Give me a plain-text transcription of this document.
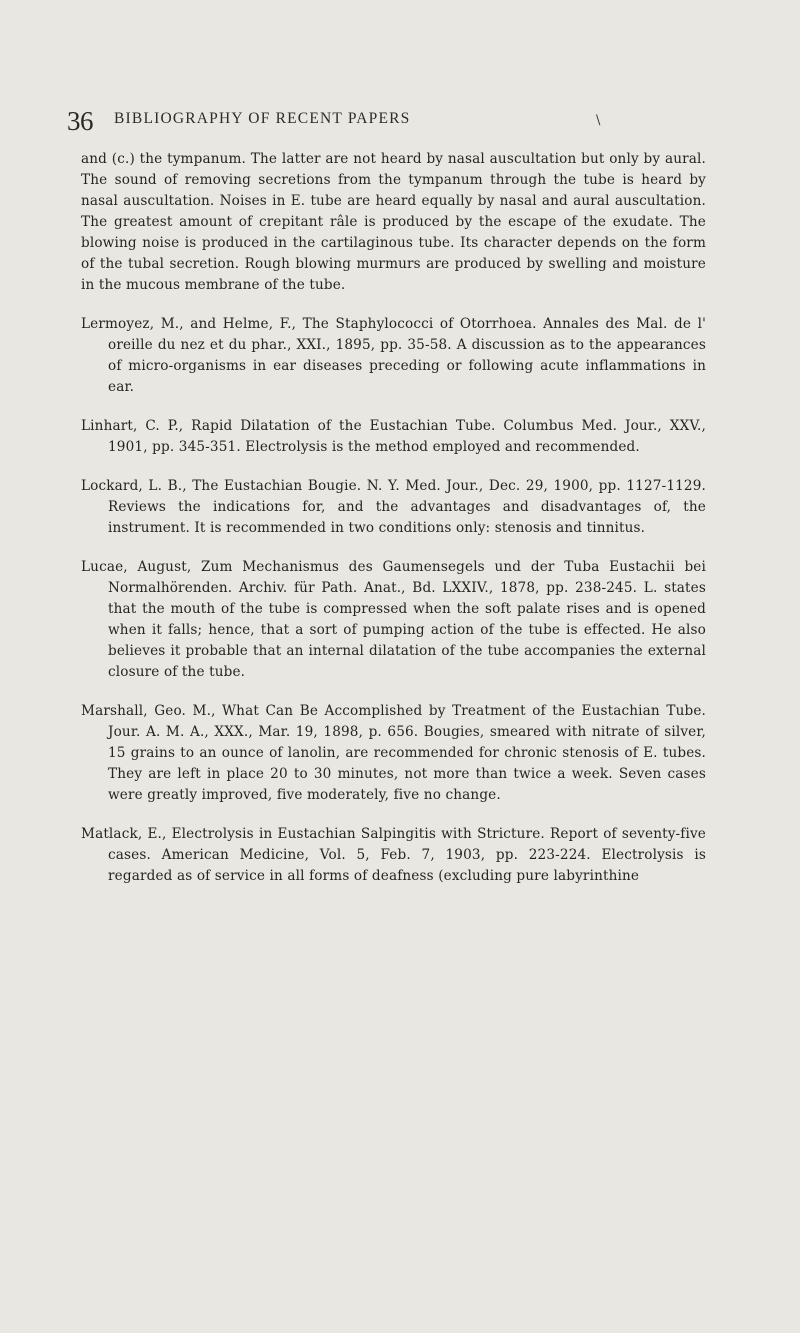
36 BIBLIOGRAPHY OF RECENT PAPERS	\

and (c.) the tympanum. The latter are not heard by nasal auscultation but only by aural. The sound of removing secretions from the tympanum through the tube is heard by nasal auscultation. Noises in E. tube are heard equally by nasal and aural auscultation. The greatest amount of crepitant râle is produced by the escape of the exudate. The blowing noise is produced in the cartilaginous tube. Its character depends on the form of the tubal secretion. Rough blowing murmurs are produced by swelling and moisture in the mucous membrane of the tube.

Lermoyez, M., and Helme, F., The Staphylococci of Otorrhoea. Annales des Mal. de l' oreille du nez et du phar., XXI., 1895, pp. 35-58. A discussion as to the appearances of micro-organisms in ear diseases preceding or following acute inflammations in ear.

Linhart, C. P., Rapid Dilatation of the Eustachian Tube. Columbus Med. Jour., XXV., 1901, pp. 345-351. Electrolysis is the method employed and recommended.

Lockard, L. B., The Eustachian Bougie. N. Y. Med. Jour., Dec. 29, 1900, pp. 1127-1129. Reviews the indications for, and the advantages and disadvantages of, the instrument. It is recommended in two conditions only: stenosis and tinnitus.

Lucae, August, Zum Mechanismus des Gaumensegels und der Tuba Eustachii bei Normalhörenden. Archiv. für Path. Anat., Bd. LXXIV., 1878, pp. 238-245. L. states that the mouth of the tube is compressed when the soft palate rises and is opened when it falls; hence, that a sort of pumping action of the tube is effected. He also believes it probable that an internal dilatation of the tube accompanies the external closure of the tube.

Marshall, Geo. M., What Can Be Accomplished by Treatment of the Eustachian Tube. Jour. A. M. A., XXX., Mar. 19, 1898, p. 656. Bougies, smeared with nitrate of silver, 15 grains to an ounce of lanolin, are recommended for chronic stenosis of E. tubes. They are left in place 20 to 30 minutes, not more than twice a week. Seven cases were greatly improved, five moderately, five no change.

Matlack, E., Electrolysis in Eustachian Salpingitis with Stricture. Report of seventy-five cases. American Medicine, Vol. 5, Feb. 7, 1903, pp. 223-224. Electrolysis is regarded as of service in all forms of deafness (excluding pure labyrinthine
